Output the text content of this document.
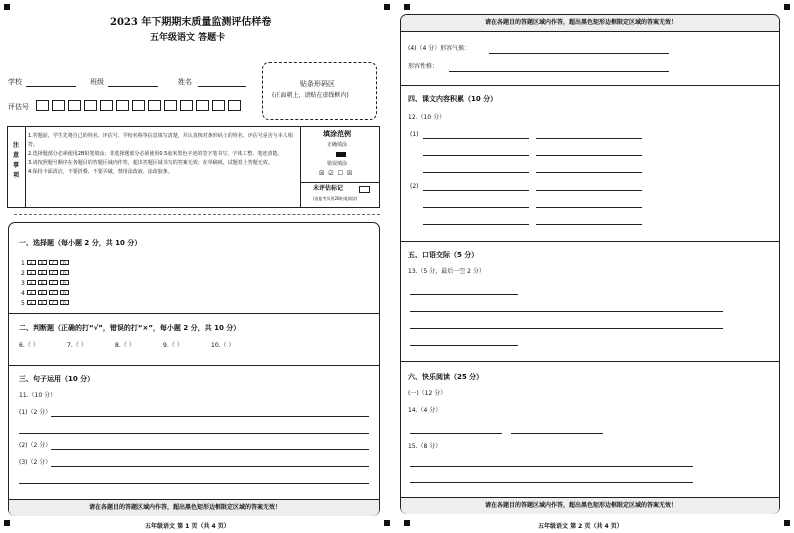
2023 年下期期末质量监测评估样卷
五年级语文 答题卡
学校	班级	姓名
评估号
贴条形码区
(正面朝上，请贴在虚线框内)
注意事项
1.答题前，学生先将自己的姓名、评估号、学校名称等信息填写清楚，并认真核对条形码上的姓名、评估号是否与本人相符。
2.选择题部分必须使用2B铅笔填涂；非选择题部分必须使用0.5毫米黑色字迹的签字笔书写，字体工整、笔迹清楚。
3.请按照题号顺序在各题目的答题区域内作答，超出答题区域书写的答案无效；在草稿纸、试题卷上答题无效。
4.保持卡面清洁，不要折叠、不要弄破，禁用涂改液、涂改胶条。
填涂范例
正确填涂
错误填涂
☒ ☑ ☐ ☒
未评估标记
(由监考员用2B铅笔填涂)
一、选择题（每小题 2 分，共 10 分）
1 A B C D
2 A B C D
3 A B C D
4 A B C D
5 A B C D
二、判断题（正确的打“√”，错误的打“×”，每小题 2 分，共 10 分）
6.（ ）	7.（ ）	8.（ ）	9.（ ）	10.（ ）
三、句子运用（10 分）
11.（10 分）
(1)（2 分）
(2)（2 分）
(3)（2 分）
请在各题目的答题区域内作答，超出黑色矩形边框限定区域的答案无效！
五年级语文 第 1 页（共 4 页）
请在各题目的答题区域内作答，超出黑色矩形边框限定区域的答案无效！
(4)（4 分）形容气候：
形容性格：
四、课文内容积累（10 分）
12.（10 分）
(1)
(2)
五、口语交际（5 分）
13.（5 分，最后一空 2 分）
六、快乐阅读（25 分）
(一)（12 分）
14.（4 分）
15.（8 分）
请在各题目的答题区域内作答，超出黑色矩形边框限定区域的答案无效！
五年级语文 第 2 页（共 4 页）
